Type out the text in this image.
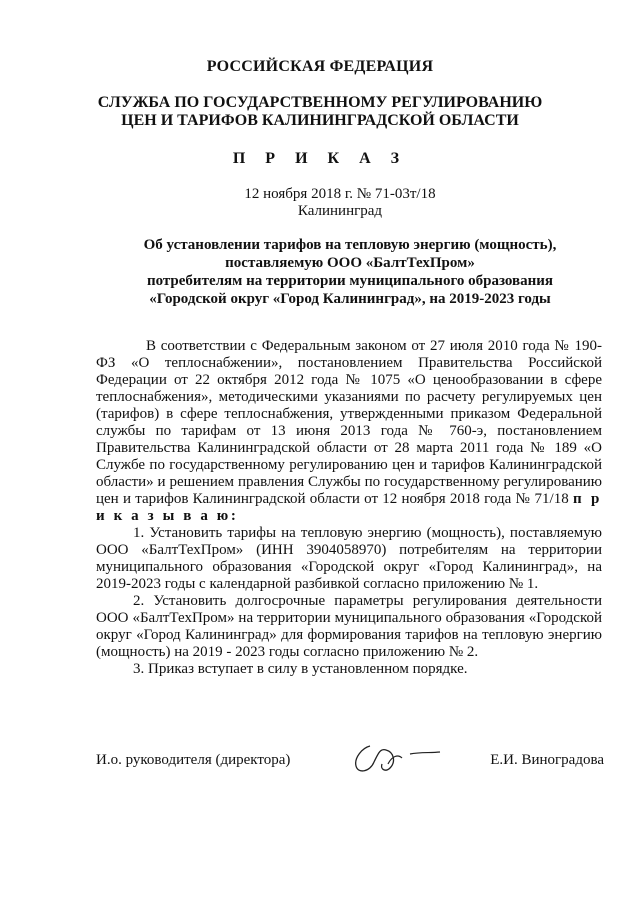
РОССИЙСКАЯ ФЕДЕРАЦИЯ
СЛУЖБА ПО ГОСУДАРСТВЕННОМУ РЕГУЛИРОВАНИЮ
ЦЕН И ТАРИФОВ КАЛИНИНГРАДСКОЙ ОБЛАСТИ
П Р И К А З
12 ноября 2018 г. № 71-03т/18
Калининград
Об установлении тарифов на тепловую энергию (мощность),
поставляемую ООО «БалтТехПром»
потребителям на территории муниципального образования
«Городской округ «Город Калининград», на 2019-2023 годы

В соответствии с Федеральным законом от 27 июля 2010 года № 190-ФЗ «О теплоснабжении», постановлением Правительства Российской Федерации от 22 октября 2012 года № 1075 «О ценообразовании в сфере теплоснабжения», методическими указаниями по расчету регулируемых цен (тарифов) в сфере теплоснабжения, утвержденными приказом Федеральной службы по тарифам от 13 июня 2013 года № 760-э, постановлением Правительства Калининградской области от 28 марта 2011 года № 189 «О Службе по государственному регулированию цен и тарифов Калининградской области» и решением правления Службы по государственному регулированию цен и тарифов Калининградской области от 12 ноября 2018 года № 71/18 п р и к а з ы в а ю:

1. Установить тарифы на тепловую энергию (мощность), поставляемую ООО «БалтТехПром» (ИНН 3904058970) потребителям на территории муниципального образования «Городской округ «Город Калининград», на 2019-2023 годы с календарной разбивкой согласно приложению № 1.

2. Установить долгосрочные параметры регулирования деятельности ООО «БалтТехПром» на территории муниципального образования «Городской округ «Город Калининград» для формирования тарифов на тепловую энергию (мощность) на 2019 - 2023 годы согласно приложению № 2.

3. Приказ вступает в силу в установленном порядке.

И.о. руководителя (директора)	Е.И. Виноградова
